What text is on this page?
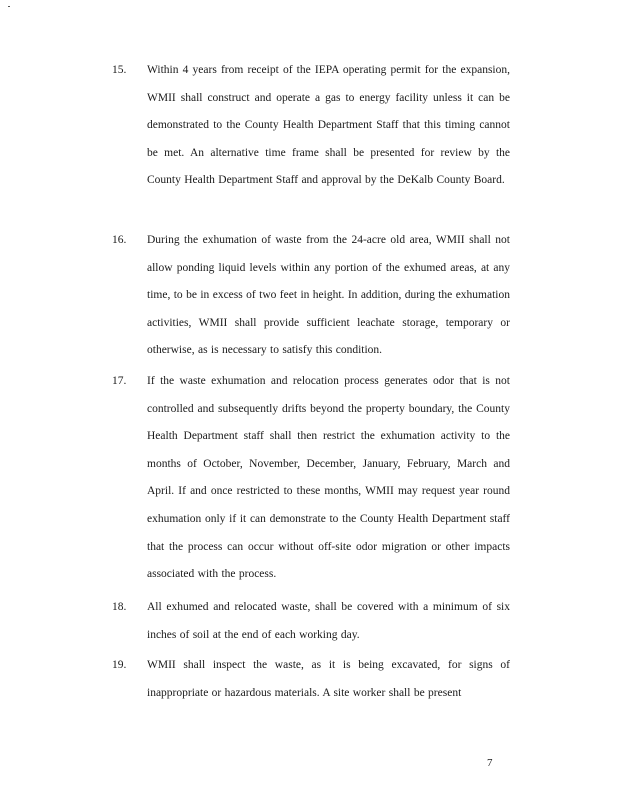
15. Within 4 years from receipt of the IEPA operating permit for the expansion, WMII shall construct and operate a gas to energy facility unless it can be demonstrated to the County Health Department Staff that this timing cannot be met. An alternative time frame shall be presented for review by the County Health Department Staff and approval by the DeKalb County Board.
16. During the exhumation of waste from the 24-acre old area, WMII shall not allow ponding liquid levels within any portion of the exhumed areas, at any time, to be in excess of two feet in height. In addition, during the exhumation activities, WMII shall provide sufficient leachate storage, temporary or otherwise, as is necessary to satisfy this condition.
17. If the waste exhumation and relocation process generates odor that is not controlled and subsequently drifts beyond the property boundary, the County Health Department staff shall then restrict the exhumation activity to the months of October, November, December, January, February, March and April. If and once restricted to these months, WMII may request year round exhumation only if it can demonstrate to the County Health Department staff that the process can occur without off-site odor migration or other impacts associated with the process.
18. All exhumed and relocated waste, shall be covered with a minimum of six inches of soil at the end of each working day.
19. WMII shall inspect the waste, as it is being excavated, for signs of inappropriate or hazardous materials. A site worker shall be present
7
